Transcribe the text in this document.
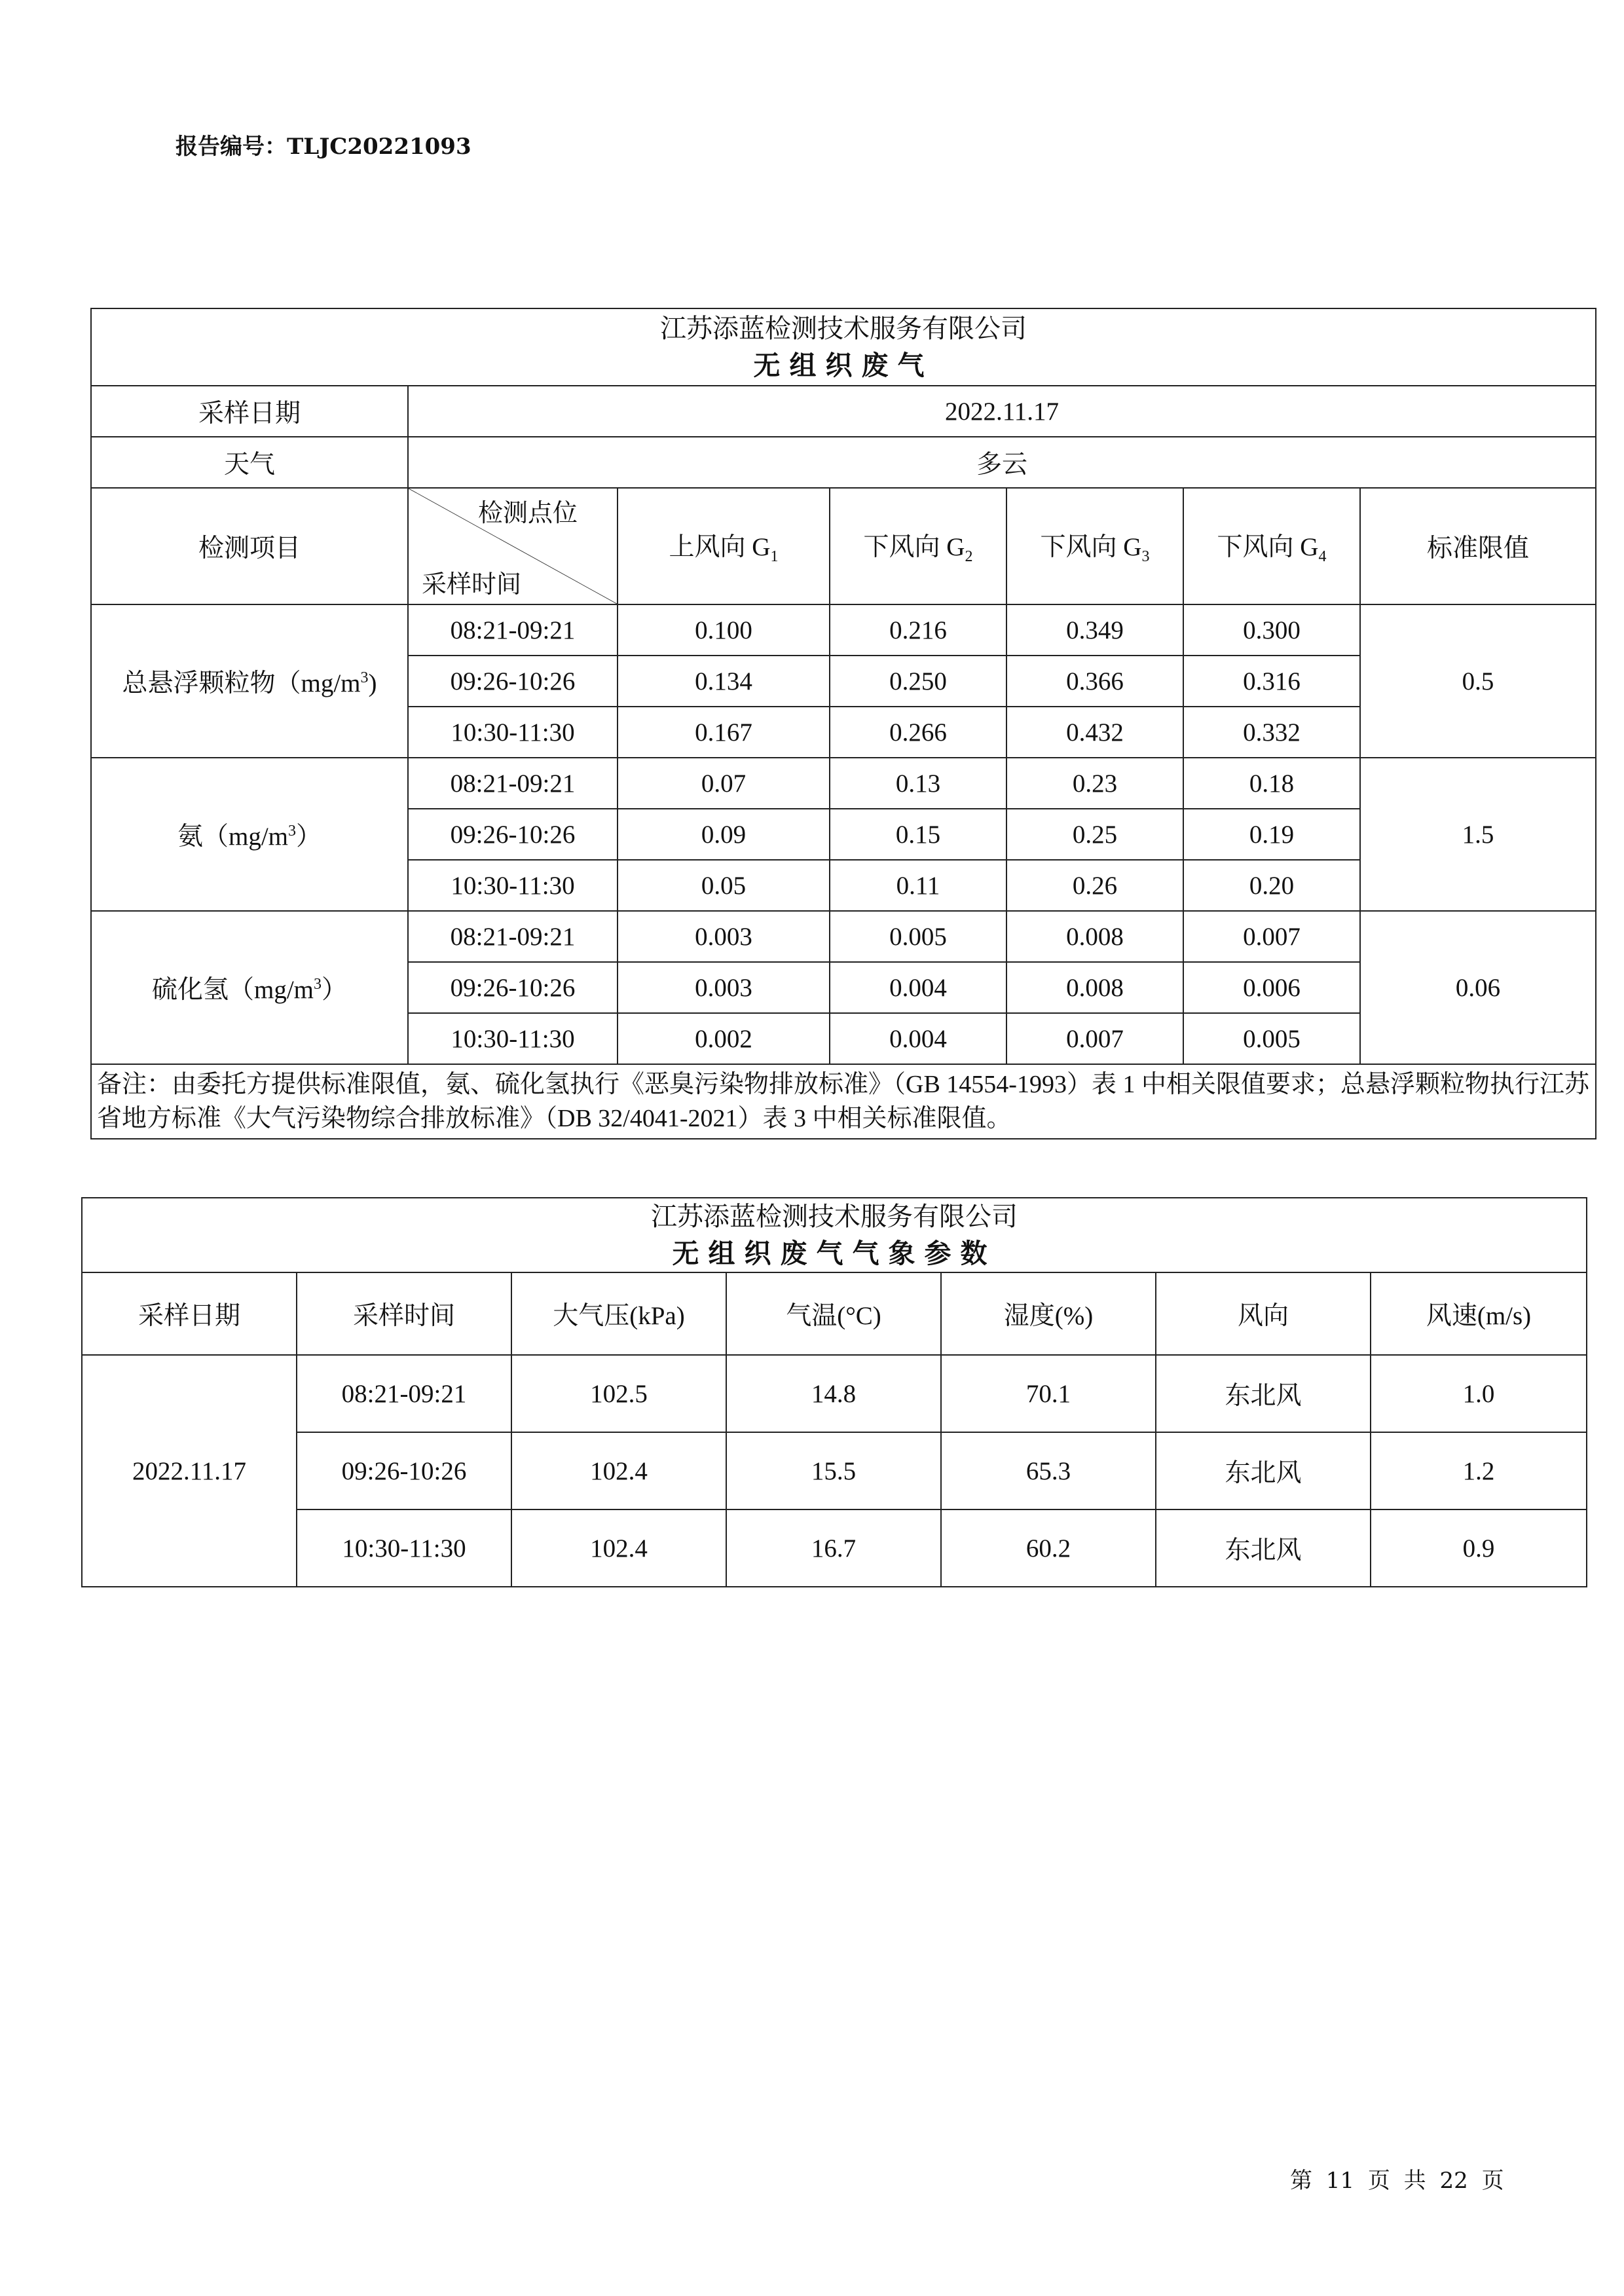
报告编号：TLJC20221093
江苏添蓝检测技术服务有限公司
无组织废气						

采样日期	2022.11.17					
天气	多云					
检测项目	检测点位
采样时间	上风向 $G_1$	下风向 $G_2$	下风向 $G_3$	下风向 $G_4$	标准限值
总悬浮颗粒物$(mg/m^3)$	08:21-09:21	0.100	0.216	0.349	0.300	0.5
	09:26-10:26	0.134	0.250	0.366	0.316	
	10:30-11:30	0.167	0.266	0.432	0.332	
氨$(mg/m^3)$	08:21-09:21	0.07	0.13	0.23	0.18	1.5
	09:26-10:26	0.09	0.15	0.25	0.19	
	10:30-11:30	0.05	0.11	0.26	0.20	
硫化氢$(mg/m^3)$	08:21-09:21	0.003	0.005	0.008	0.007	0.06
	09:26-10:26	0.003	0.004	0.008	0.006	
	10:30-11:30	0.002	0.004	0.007	0.005	
备注：由委托方提供标准限值，氨、硫化氢执行《恶臭污染物排放标准》（GB 14554-1993）表 1 中相关限值要求；总悬浮颗粒物执行江苏省地方标准《大气污染物综合排放标准》（DB 32/4041-2021）表 3 中相关标准限值。						
江苏添蓝检测技术服务有限公司
无组织废气气象参数						

采样日期	采样时间	大气压(kPa)	气温(°C)	湿度(%)	风向	风速(m/s)
2022.11.17	08:21-09:21	102.5	14.8	70.1	东北风	1.0
	09:26-10:26	102.4	15.5	65.3	东北风	1.2
	10:30-11:30	102.4	16.7	60.2	东北风	0.9
第 11 页 共 22 页
